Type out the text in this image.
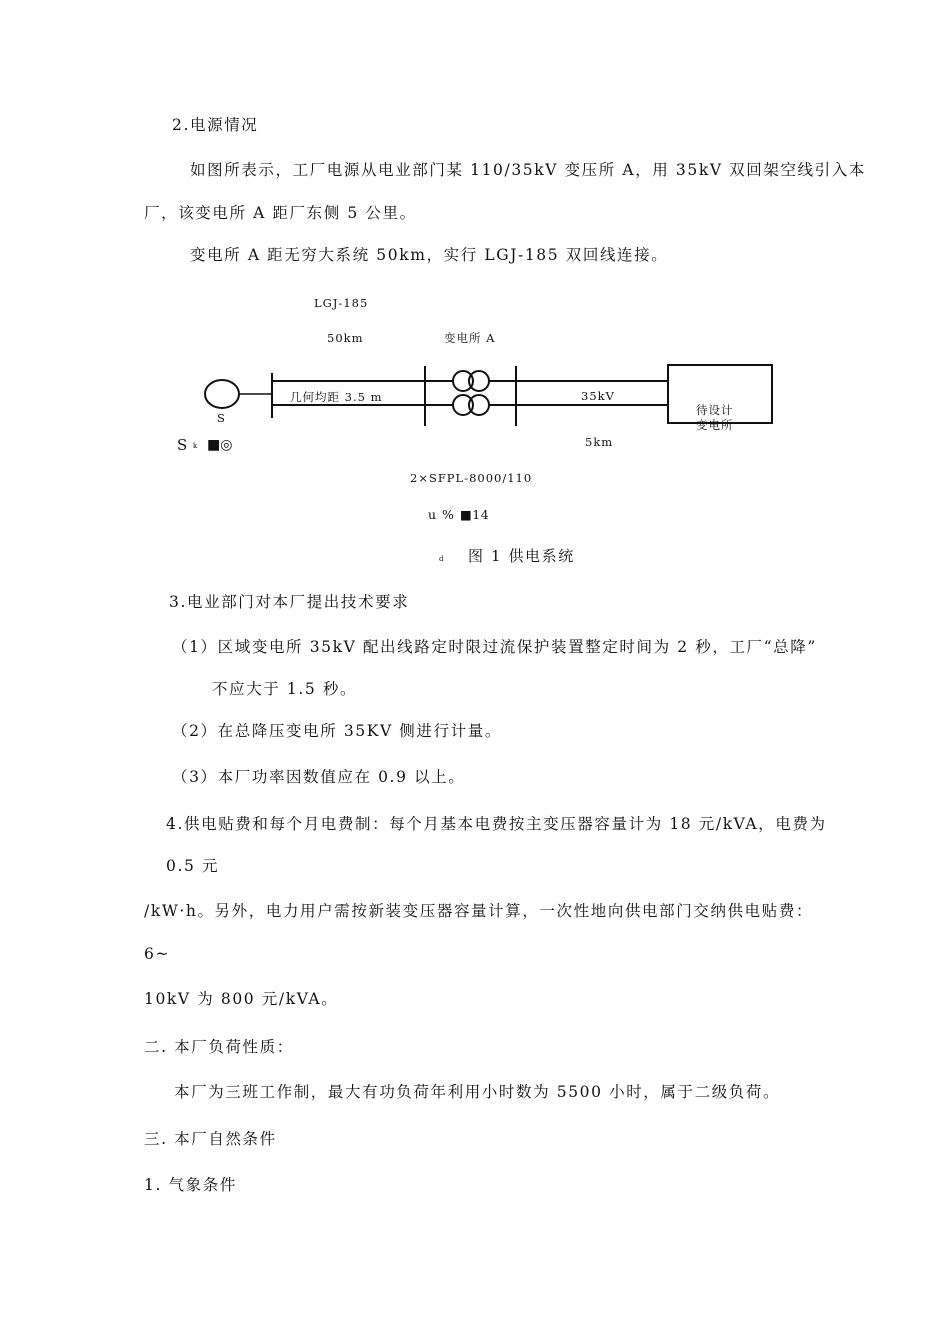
2.电源情况
如图所表示，工厂电源从电业部门某 110/35kV 变压所 A，用 35kV 双回架空线引入本
厂，该变电所 A 距厂东侧 5 公里。
变电所 A 距无穷大系统 50km，实行 LGJ-185 双回线连接。
LGJ-185
50km	变电所 A
S
几何均距 3.5 m	35kV
5km
待设计
变电所
S k ■◎
2×SFPL-8000/110
u % ■14
d 图 1 供电系统
3.电业部门对本厂提出技术要求
（1）区域变电所 35kV 配出线路定时限过流保护装置整定时间为 2 秒，工厂“总降”
不应大于 1.5 秒。
（2）在总降压变电所 35KV 侧进行计量。
（3）本厂功率因数值应在 0.9 以上。
4.供电贴费和每个月电费制：每个月基本电费按主变压器容量计为 18 元/kVA，电费为
0.5 元
/kW·h。另外，电力用户需按新装变压器容量计算，一次性地向供电部门交纳供电贴费：
6~
10kV 为 800 元/kVA。
二. 本厂负荷性质：
本厂为三班工作制，最大有功负荷年利用小时数为 5500 小时，属于二级负荷。
三. 本厂自然条件
1. 气象条件
